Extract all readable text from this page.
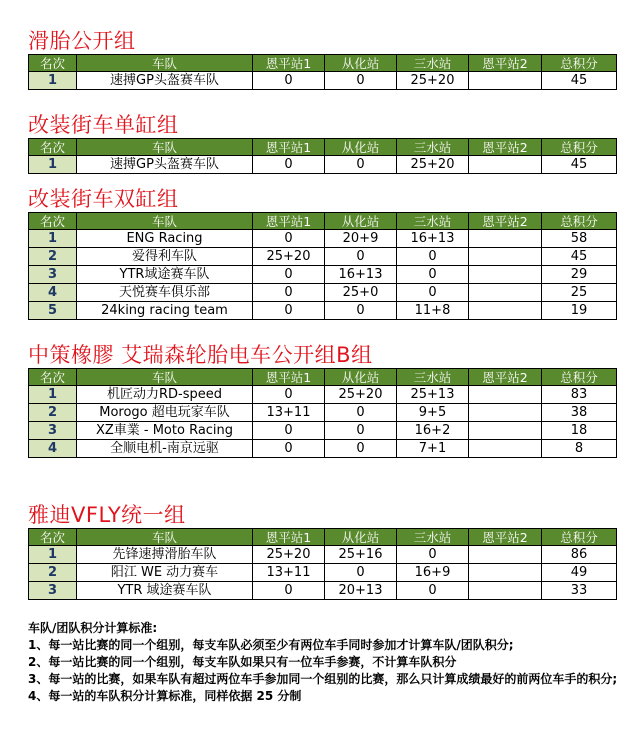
滑胎公开组
名次	车队	恩平站1	从化站	三水站	恩平站2	总积分
1	速搏GP头盔赛车队	0	0	25+20		45
改装街车单缸组
名次	车队	恩平站1	从化站	三水站	恩平站2	总积分
1	速搏GP头盔赛车队	0	0	25+20		45
改装街车双缸组
名次	车队	恩平站1	从化站	三水站	恩平站2	总积分
1	ENG Racing	0	20+9	16+13		58
2	爱得利车队	25+20	0	0		45
3	YTR域途赛车队	0	16+13	0		29
4	天悦赛车俱乐部	0	25+0	0		25
5	24king racing team	0	0	11+8		19
中策橡膠 艾瑞森轮胎电车公开组B组
名次	车队	恩平站1	从化站	三水站	恩平站2	总积分
1	机匠动力RD-speed	0	25+20	25+13		83
2	Morogo 超电玩家车队	13+11	0	9+5		38
3	XZ車業 - Moto Racing	0	0	16+2		18
4	全顺电机-南京远驱	0	0	7+1		8
雅迪VFLY统一组
名次	车队	恩平站1	从化站	三水站	恩平站2	总积分
1	先锋速搏滑胎车队	25+20	25+16	0		86
2	阳江 WE 动力赛车	13+11	0	16+9		49
3	YTR 域途赛车队	0	20+13	0		33
车队/团队积分计算标准:
1、每一站比赛的同一个组别，每支车队必须至少有两位车手同时参加才计算车队/团队积分;
2、每一站比赛的同一个组别，每支车队如果只有一位车手参赛，不计算车队积分
3、每一站的比赛，如果车队有超过两位车手参加同一个组别的比赛，那么只计算成绩最好的前两位车手的积分;
4、每一站的车队积分计算标准，同样依据 25 分制
